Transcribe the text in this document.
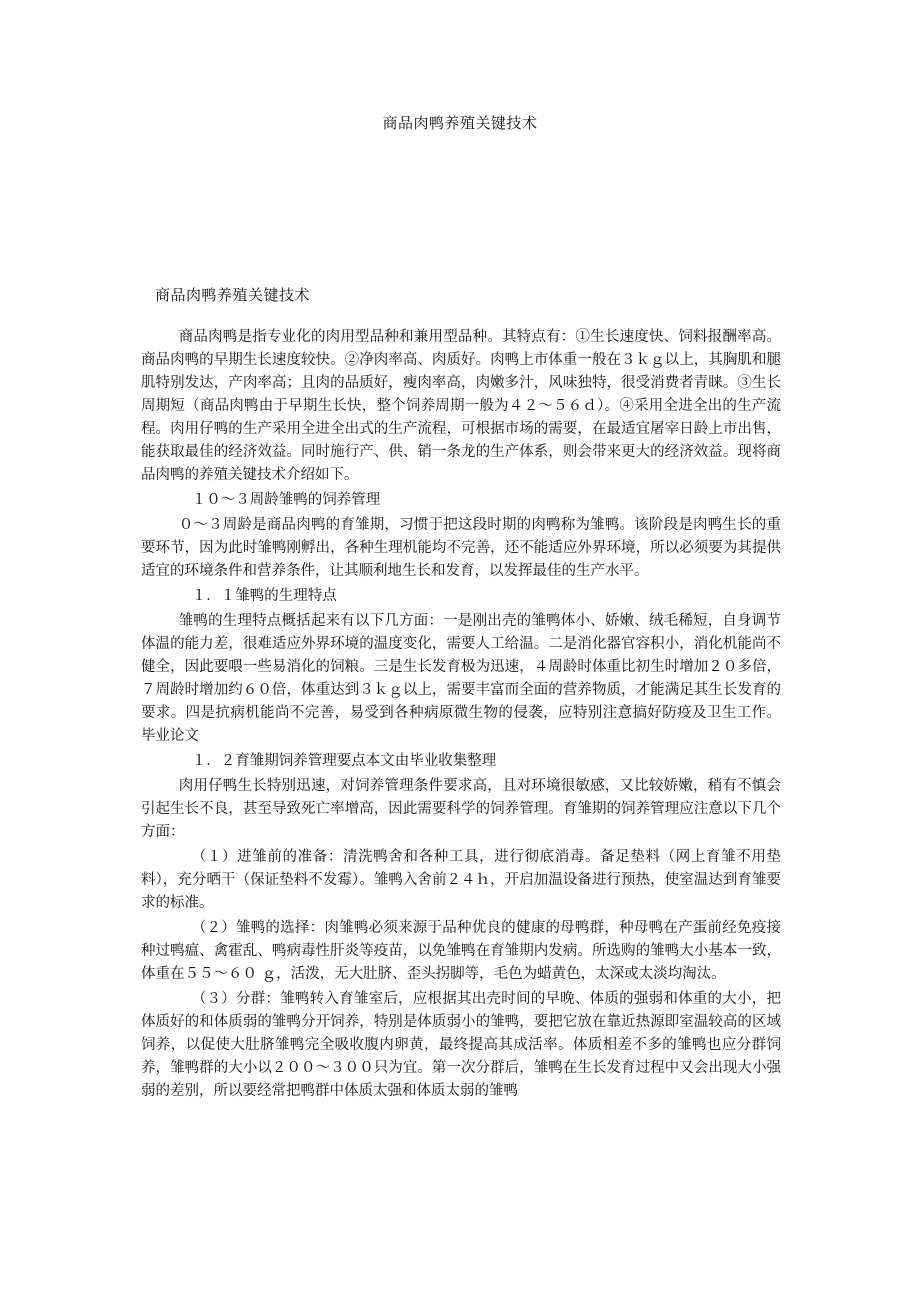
商品肉鸭养殖关键技术
商品肉鸭养殖关键技术

商品肉鸭是指专业化的肉用型品种和兼用型品种。其特点有：①生长速度快、饲料报酬率高。商品肉鸭的早期生长速度较快。②净肉率高、肉质好。肉鸭上市体重一般在３ｋｇ以上，其胸肌和腿肌特别发达，产肉率高；且肉的品质好，瘦肉率高，肉嫩多汁，风味独特，很受消费者青睐。③生长周期短（商品肉鸭由于早期生长快，整个饲养周期一般为４２～５６ｄ）。④采用全进全出的生产流程。肉用仔鸭的生产采用全进全出式的生产流程，可根据市场的需要，在最适宜屠宰日龄上市出售，能获取最佳的经济效益。同时施行产、供、销一条龙的生产体系，则会带来更大的经济效益。现将商品肉鸭的养殖关键技术介绍如下。

１０～３周龄雏鸭的饲养管理

０～３周龄是商品肉鸭的育雏期，习惯于把这段时期的肉鸭称为雏鸭。该阶段是肉鸭生长的重要环节，因为此时雏鸭刚孵出，各种生理机能均不完善，还不能适应外界环境，所以必须要为其提供适宜的环境条件和营养条件，让其顺利地生长和发育，以发挥最佳的生产水平。

１．１雏鸭的生理特点

雏鸭的生理特点概括起来有以下几方面：一是刚出壳的雏鸭体小、娇嫩、绒毛稀短，自身调节体温的能力差，很难适应外界环境的温度变化，需要人工给温。二是消化器官容积小，消化机能尚不健全，因此要喂一些易消化的饲粮。三是生长发育极为迅速，４周龄时体重比初生时增加２０多倍，７周龄时增加约６０倍，体重达到３ｋｇ以上，需要丰富而全面的营养物质，才能满足其生长发育的要求。四是抗病机能尚不完善，易受到各种病原微生物的侵袭，应特别注意搞好防疫及卫生工作。 毕业论文

１．２育雏期饲养管理要点本文由毕业收集整理

肉用仔鸭生长特别迅速，对饲养管理条件要求高，且对环境很敏感，又比较娇嫩，稍有不慎会引起生长不良，甚至导致死亡率增高，因此需要科学的饲养管理。育雏期的饲养管理应注意以下几个方面：

（１）进雏前的准备：清洗鸭舍和各种工具，进行彻底消毒。备足垫料（网上育雏不用垫料），充分晒干（保证垫料不发霉）。雏鸭入舍前２４ｈ，开启加温设备进行预热，使室温达到育雏要求的标准。

（２）雏鸭的选择：肉雏鸭必须来源于品种优良的健康的母鸭群，种母鸭在产蛋前经免疫接种过鸭瘟、禽霍乱、鸭病毒性肝炎等疫苗，以免雏鸭在育雏期内发病。所选购的雏鸭大小基本一致，体重在５５～６０ ｇ，活泼，无大肚脐、歪头拐脚等，毛色为蜡黄色，太深或太淡均淘汰。

（３）分群：雏鸭转入育雏室后，应根据其出壳时间的早晚、体质的强弱和体重的大小，把体质好的和体质弱的雏鸭分开饲养，特别是体质弱小的雏鸭，要把它放在靠近热源即室温较高的区域饲养，以促使大肚脐雏鸭完全吸收腹内卵黄，最终提高其成活率。体质相差不多的雏鸭也应分群饲养，雏鸭群的大小以２００～３００只为宜。第一次分群后，雏鸭在生长发育过程中又会出现大小强弱的差别，所以要经常把鸭群中体质太强和体质太弱的雏鸭
